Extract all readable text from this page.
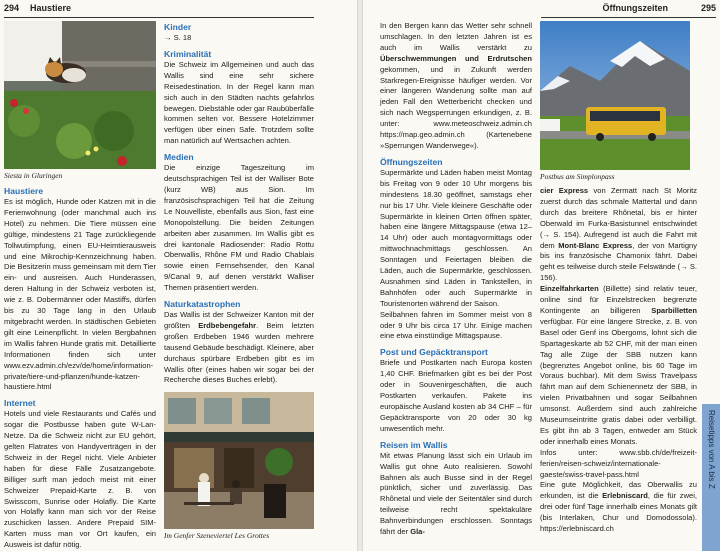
294 Haustiere
Siesta in Gluringen
Haustiere

Es ist möglich, Hunde oder Katzen mit in die Ferienwohnung (oder manchmal auch ins Hotel) zu nehmen. Die Tiere müssen eine gültige, mindestens 21 Tage zurückliegende Tollwutimpfung, einen EU-Heimtierausweis und eine Mikrochip-Kennzeichnung haben. Die Besitzerin muss gemeinsam mit dem Tier ein- und ausreisen. Auch Hunderassen, deren Haltung in der Schweiz verboten ist, wie z. B. Dobermänner oder Mastiffs, dürfen bis zu 30 Tage lang in den Urlaub mitgebracht werden. In städtischen Gebieten gilt eine Leinenpflicht. In vielen Bergbahnen im Wallis fahren Hunde gratis mit. Detaillierte Informationen finden sich unter www.ezv.admin.ch/ezv/de/home/information-private/tiere-und-pflanzen/hunde-katzen-haustiere.html

Internet

Hotels und viele Restaurants und Cafés und sogar die Postbusse haben gute W-Lan-Netze. Da die Schweiz nicht zur EU gehört, gelten Flatrates von Handyverträgen in der Schweiz in der Regel nicht. Viele Anbieter haben für diese Fälle Zusatzangebote. Billiger surft man jedoch meist mit einer Schweizer Prepaid-Karte z. B. von Swisscom, Sunrise oder Holafly. Die Karte von Holafly kann man sich vor der Reise zuschicken lassen. Andere Prepaid SIM-Karten muss man vor Ort kaufen, ein Ausweis ist dafür nötig.

Kinder

→ S. 18

Kriminalität

Die Schweiz im Allgemeinen und auch das Wallis sind eine sehr sichere Reisedestination. In der Regel kann man sich auch in den Städten nachts gefahrlos bewegen. Diebstähle oder gar Raubüberfälle kommen selten vor. Bessere Hotelzimmer verfügen über einen Safe. Trotzdem sollte man natürlich auf Wertsachen achten.

Medien

Die einzige Tageszeitung im deutschsprachigen Teil ist der Walliser Bote (kurz WB) aus Sion. Im französischsprachigen Teil hat die Zeitung Le Nouvelliste, ebenfalls aus Sion, fast eine Monopolstellung. Die beiden Zeitungen arbeiten aber zusammen. Im Wallis gibt es drei kantonale Radiosender: Radio Rottu Oberwallis, Rhône FM und Radio Chablais sowie einen Fernsehsender, den Kanal 9/Canal 9, auf denen verstärkt Walliser Themen präsentiert werden.

Naturkatastrophen

Das Wallis ist der Schweizer Kanton mit der größten Erdbebengefahr. Beim letzten großen Erdbeben 1946 wurden mehrere tausend Gebäude beschädigt. Kleinere, aber durchaus spürbare Erdbeben gibt es im Wallis öfter (eines haben wir sogar bei der Recherche dieses Buches erlebt).

Im Genfer Szeneviertel Les Grottes
Öffnungszeiten	295

In den Bergen kann das Wetter sehr schnell umschlagen. In den letzten Jahren ist es auch im Wallis verstärkt zu Überschwemmungen und Erdrutschen gekommen, und in Zukunft werden Starkregen-Ereignisse häufiger werden. Vor einer längeren Wanderung sollte man auf jeden Fall den Wetterbericht checken und sich nach Wegsperrungen erkundigen, z. B. unter: www.meteoschweiz.admin.ch https://map.geo.admin.ch (Kartenebene »Sperrungen Wanderwege«).

Öffnungszeiten

Supermärkte und Läden haben meist Montag bis Freitag von 9 oder 10 Uhr morgens bis mindestens 18.30 geöffnet, samstags eher nur bis 17 Uhr. Viele kleinere Geschäfte oder Supermärkte in kleinen Orten öffnen später, haben eine längere Mittagspause (etwa 12–14 Uhr) oder auch montagvormittags oder mittwochnachmittags geschlossen. An Sonntagen und Feiertagen bleiben die Läden, auch die Supermärkte, geschlossen. Ausnahmen sind Läden in Tankstellen, in Bahnhöfen oder auch Supermärkte in Touristenorten während der Saison.

Seilbahnen fahren im Sommer meist von 8 oder 9 Uhr bis circa 17 Uhr. Einige machen eine etwa einstündige Mittagspause.

Post und Gepäcktransport

Briefe und Postkarten nach Europa kosten 1,40 CHF. Briefmarken gibt es bei der Post oder in Souvenirgeschäften, die auch Postkarten verkaufen. Pakete ins europäische Ausland kosten ab 34 CHF – für Gepäcktransporte von 20 oder 30 kg unwesentlich mehr.

Reisen im Wallis

Mit etwas Planung lässt sich ein Urlaub im Wallis gut ohne Auto realisieren. Sowohl Bahnen als auch Busse sind in der Regel pünktlich, sicher und zuverlässig. Das Rhônetal und viele der Seitentäler sind durch teilweise recht spektakuläre Bahnverbindungen erschlossen. Sonntags fährt der Gla-

Postbus am Simplonpass

cier Express von Zermatt nach St Moritz zuerst durch das schmale Mattertal und dann durch das breitere Rhônetal, bis er hinter Oberwald im Furka-Basistunnel entschwindet (→ S. 154). Aufregend ist auch die Fahrt mit dem Mont-Blanc Express, der von Martigny bis ins französische Chamonix fährt. Dabei geht es teilweise durch steile Felswände (→ S. 156).

Einzelfahrkarten (Billette) sind relativ teuer, online sind für Einzelstrecken begrenzte Kontingente an billigeren Sparbilletten verfügbar. Für eine längere Strecke, z. B. von Basel oder Genf ins Obergoms, lohnt sich die Spartageskarte ab 52 CHF, mit der man einen Tag alle Züge der SBB nutzen kann (begrenztes Angebot online, bis 60 Tage im Voraus buchbar). Mit dem Swiss Travelpass fährt man auf dem Schienennetz der SBB, in vielen Privatbahnen und sogar Seilbahnen umsonst. Außerdem sind auch zahlreiche Museumseintritte gratis dabei oder verbilligt. Es gibt ihn ab 3 Tagen, entweder am Stück oder innerhalb eines Monats.

Infos unter: www.sbb.ch/de/freizeit-ferien/reisen-schweiz/internationale-gaeste/swiss-travel-pass.html

Eine gute Möglichkeit, das Oberwallis zu erkunden, ist die Erlebniscard, die für zwei, drei oder fünf Tage innerhalb eines Monats gilt (bis Interlaken, Chur und Domodossola). https://erlebniscard.ch

Reisetipps von A bis Z
